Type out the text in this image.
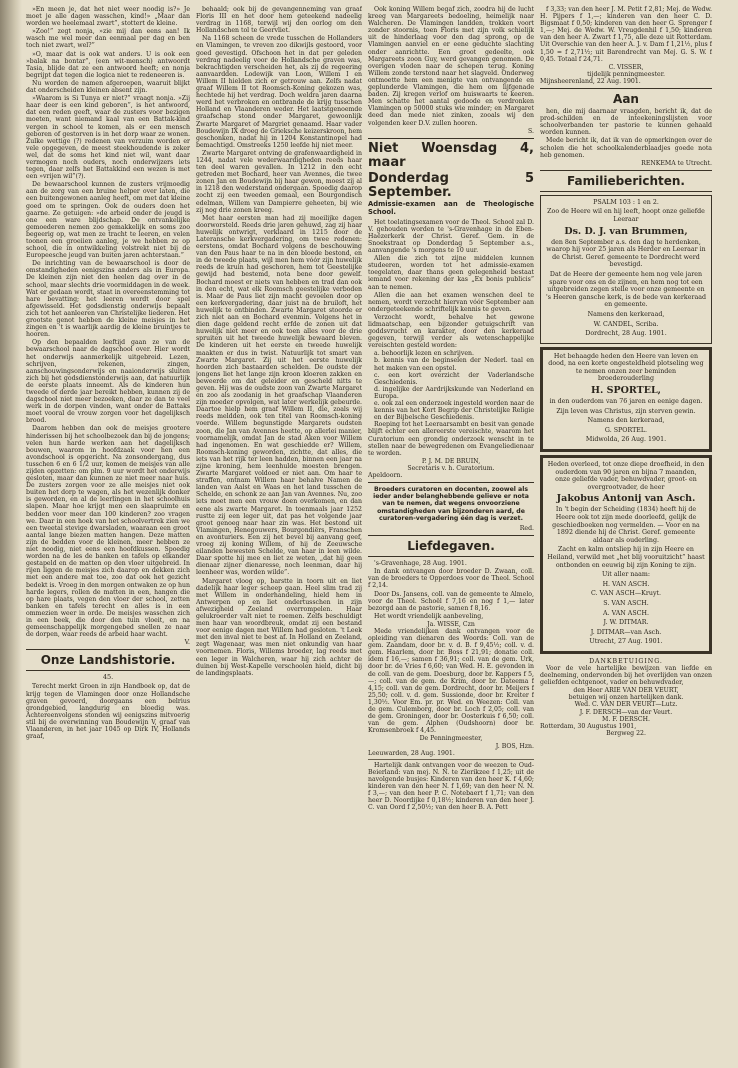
»En meen je, dat het niet weer noodig is?» Je moet je alle dagen wasschen, kind!» „Maar dan worden we heelemaal zwart”, stottert de kleine.

»Zoo!” zegt nonja, »zie mij dan eens aan! Ik wasch me wel meer dan eenmaal per dag en ben toch niet zwart, wel?”

»O, maar dat is ook wat anders. U is ook een »balak na bontar”, (een wit-mensch) antwoordt Tasia, blijde dat ze een antwoord heeft; en nonja begrijpt dat tegen die logica niet te redeneeren is.

Nu worden de namen afgeroepen, waaruit blijkt dat onderscheiden kleinen absent zijn.

»Waarom is Si Tunya er niet?” vraagt nonja. »Zij haar deer is een kind geboren”, is het antwoord, dat een reden geeft, waar de zusters voor bezigen moeten, want niemand kaal van een Battak-kind vergen in school te komen, als er een mensch geboren of gestorven is in het dorp waar ze wonen. Zulke wettige (?) redenen van verzuim worden er vele opgegeven, de meest steekhoudende is zeker wel, dat de soms het kind niet wil, want daar vermogen noch ouders, noch onderwijzers iets tegen, daar zelfs het Battakkind een wezen is met een »vrijen wil”(?).

De bewaarschool kunnen de zusters vrijmoedig aan de zorg van een bruine helper over laten, die een buitengewonen aanleg heeft, om met dat kleine goed om te springen. Ook de ouders doen het gaarne. Ze getuigen: »de arbeid onder de jeugd is one een ware blijdschap. De ontvankelijke gemoederen nemen zoo gemakkelijk en soms zoo begeerig op, wat men ze tracht te leeren, en velen toonen een groeiien aanleg, je we hebben ze op school, die in ontwikkeling volstrekt niet bij de Europeesche jeugd van buiten jaren achterstaan.”

De inrichting van de bewaarschool is door de omstandigheden eenigszins anders als in Europa. De kleinen zijn niet den heelen dag over in de school, maar slechts drie voormiddagen in de week. Wat er gedaan wordt, staat in overeenstemming tot hare bevatting; het leeren wordt door spel afgewisseld. Het godsdienstig onderwijs bepaalt zich tot het aanleeren van Christelijke liederen. Het grootste genot hebben de kleine meisjes in het zingen en 't is waarlijk aardig de kleine bruintjes te hooren.

Op den bepaalden leeftijd gaan ze van de bewaarschool naar de dagschool over. Hier wordt het onderwijs aanmerkelijk uitgebreid. Lezen, schrijven, rekenen, zingen, aanschouwingsonderwijs en naaionderwijs sluiten zich bij het godsdienstonderwijs aan, dat natuurlijk de eerste plaats inneemt. Als de kinderen hun tweede of derde jaar bereikt hebben, kunnen zij de dagschool niet meer bezoeken, daar ze dan te veel werk in de dorpen vinden, want onder de Battaks moet vooral de vrouw zorgen voor het dagelijksch brood.

Daarom hebben dan ook de meisjes grootere hinderissen bij het schoolbezoek dan bij de jongens; velen hun harde werken aan het dagelijksch bouwen, waarom in hoofdzaak voor hen een avondschool is opgericht. Na zonsondergang, dus tusschen 6 en 6 1/2 uur, komen de meisjes van alle zijden opzetten: om plm. 9 uur wordt het onderwijs gesloten, maar dan kunnen ze niet meer naar huis. De zusters zorgen voor ze alle meisjes niet ook buiten het dorp te wagen, als het wezenlijk donker is geworden, en al de leerlingen in het schoolhuis slapen. Maar hoe krijgt men een slaapruimte en bedden voor meer dan 100 kinderen? zoo vragen we. Daar in een hoek van het schoolvertrek zien we een tweetal stevige dwarsladen, waaraan een groot aantal lange biezen matten hangen. Deze matten zijn de bedden voor de kleinen, meer hebben ze niet noodig, niet eens een hoofdkussen. Spoedig worden na de les de banken en tafels op elkander gestapeld en de matten op den vloer uitgebreid. In rijen liggen de meisjes zich daarop en dekken zich met een andere mat toe, zoo dat ook het gezicht bedekt is. Vroeg in den morgen ontwaken ze op hun harde legers, rollen de matten in een, hangen die op hare plaats, vegen den vloer der school, zetten banken en tafels terecht en alles is in een ommezien weer in orde. De meisjes wasschen zich in een beek, die door den tuin vloeit, en na gemeenschappelijk morgengebed snellen ze naar de dorpen, waar reeds de arbeid haar wacht.

V.
Onze Landshistorie.
45.

Terecht merkt Groen in zijn Handboek op, dat de krijg tegen de Vlamingen door onze Hollandsche graven gevoerd, doorgaans een belrius grondgebied, langdurig en bloedig was. Achtereenvolgens stonden wij eenigszins mitvoerig stil bij de overwinning van Boudewijn V, graaf van Vlaanderen, in het jaar 1045 op Dirk IV, Hollands graaf,

behaald; ook bij de gevangenneming van graaf Floris III en het door hem geteekend nadeelig verdrag in 1168, terwijl wij den oorlog om den Hollandschen tol te Geervliet.

Na 1168 scheen de vrede tusschen de Hollanders en Vlamingen, te vreven zoo dikwijls gestoord, voor goed gevestigd. Ofschoon het in dat per geleden verdrag nadeelig voor de Hollandsche graven was, bekrachtigden verscheiden het, als zij de regeering aanvaardden. Lodewijk van Loon, Willem I en Willem II hielden zich er getrouw aan. Zelfs nadat graaf Willem II tot Roomsch-Koning gekozen was, hechtede hij het verdrag. Doch weldra jaren daarna werd het verbroken en ontbrande de krijg tusschen Holland en Vlaanderen weder. Het laatstgenoemde graafschap stond onder Margaret, gewoonlijk Zwarte Margaret of Margriet genaamd. Haar vader Boudewijn IX droeg de Grieksche keizerskroon, hem geschonken, nadat hij in 1204 Konstantinopel had bemachtigd. Omstreeks 1250 leefde hij niet meer.

Zwarte Margaret ontving de grafenwaardigheid in 1244, nadat vele wederwaardigheden reeds haar ten deel waren gevallen. In 1212 in den echt getreden met Bochard, heer van Avennes, die twee zonen Jan en Boudewijn bij haar gewon, moest zij al in 1218 den wederstand ondergaan. Spoedig daarop zocht zij een tweeden gemaal, een Bourgondisch edelman, Willem van Dampierre geheeten, bij wie zij nog drie zonen kreeg.

Met haar eersten man had zij moeilijke dagen doorworsteld. Reeds drie jaren gehuwd, zag zij haar huwelijk ontwrigt, verklaard in 1215 door de Lateransche kerkvergadering, om twee redenen: eerstens, omdat Bochard volgens de beschouwing van den Paus haar te na in den bloede bestond, en in de tweede plaats, wijl men hem vóór zijn huwelijk reeds de kruin had geschoren, hem tot Geestelijke gewijd had bestemd, nota bene door gewelf. Bochard moest er niets van hebben en trad dan ook in den echt, wat elk Roomsch geestelijke verboden is. Maar de Paus liet zijn macht gevoelen door op een kerkvergadering, daar juist na de bruiloft, het huwelijk te ontbinden. Zwarte Margaret stoorde er zich niet aan en Bochard evenmin. Volgens het in dien dage geldend recht erfde de zonen uit dat huwelijk niet meer en ook toen alles voor de drie spruiten uit het tweede huwelijk bewaard bleven. De kinderen uit het eerste en tweede huwelijk maakten er dus in twist. Natuurlijk tot smart van Zwarte Margaret. Zij uit het eerste huwelijk hoorden zich bastaarden schelden. De oudste der jongens liet het lange zijn kroon kloeren zakken en beweerde om dat geleider en gescheld nitts te geven. Hij was de oudste zoon van Zwarte Margaret en zoo als zoodanig in het graafschap Vlaanderen zijn moeder opvolgen, wat later werkelijk gebeurde. Daartoe hielp hem graaf Willem II, die, zoals wij reeds meldden, ook ten titel van Roomsch-koning voerde. Willem begunstigde Margarets oudsten zoon, die Jan van Avennes heette, op allerlei manier, voornamelijk, omdat Jan de stad Aken voor Willem had ingenomen. En wat geschiedde er? Willem, Roomsch-koning geworden, zichtte, dat alles, die iets van het rijk ter leen hadden, binnen een jaar na zijne kroning, hem leenhulde moesten brengen. Zwarte Margaret voldoed er niet aan. Om haar te straffen, ontnam Willem haar behalve Namen de landen van Aalst en Waas en het land tusschen de Schelde, en schonk ze aan Jan van Avennes. Nu, zoo iets moet men een vrouw doen overkomen, en dan eene als zwarte Margaret. In toenmaals jaar 1252 rustte zij een leger uit, dat pas het volgende jaar groot genoeg naar haar zin was. Het bestond uit Vlamingen, Henegouwers, Bourgondiërs, Franschen en avonturiers. Een zij het bevel bij aanvang geef, vroeg zij koning Willem, of hij de Zeeuwsche eilanden bewesten Schelde, van haar in leen wilde. Daar spotte hij mee en liet ze weten, „dat hij geen dienaar zijner dienaresse, noch leenman, daar hij leenheer was, worden wilde”.

Margaret vloog op, barstte in toorn uit en liet dadelijk haar leger scheep gaan. Heel slim trad zij met Willem in onderhandeling, hield hem in Antwerpen op en liet ondertusschen in zijn afwezigheid Zeeland overrompelen. Haar gelukroerder valt niet te roemen. Zelfs beschuldigt men haar van woordbreuk, omdat zij een bestand voor eenige dagen met Willem had gesloten. 't Leek met den inval niet te best af. In Holland en Zeeland, zegt Wagenaar, was men niet onkundig van haar voornemen. Floris, Willems broeder, lag reeds met een leger in Walcheren, waar hij zich achter de duinen bij West-Kapelle verschoolen hield, dicht bij de landingsplaats.

Ook koning Willem begaf zich, zoodra hij de lucht kreeg van Margareets bedoeling, heimelijk naar Walcheren. De Vlamingen landden, trokken voort zonder stoornis, toen Floris met zijn volk schielijk uit de hinderlaag voor den dag sprong, op de Vlamingen aanviel en er eene geduchte slachting onder aanrichtte. Een groot gedeelte, ook Margareets zoon Guy, werd gevangen genomen. De overigen vloden naar de schepen terug. Koning Willem zonde terstond naar het slagveld. Onderweg ontmoette hem een menigte van ontvangende en geplunderde Vlamingen, die hem om lijfgenade baden. Zij kregen verlof om huiswaarts te keeren. Men schatte het aantal gedoode en verdronken Vlamingen op 50000 stuks wie minder; en Margaret deed dan mede niet zinken, zooals wij den volgenden keer D.V. zullen hooren.

S.
Niet Woensdag 4, maar
Donderdag 5 September.
Admissie-examen aan de Theologische School.

Het toelatingsexamen voor de Theol. School zal D. V. gehouden worden te 's-Gravenhage in de Eben-Haëzerkerk der Christ. Geref. Gem. in de Snoekstraat op Donderdag 5 September a.s., aanvangende 's morgens te 10 uur.

Allen die zich tot zijne middelen kunnen studeeren, worden tot het admissie-examen toegelaten, daar thans geen gelegenheid bestaat iemand voor rekening der kas „Ex bonis publicis” aan te nemen.

Allen die aan het examen wenschen deel te nemen, wordt verzocht hiervan vóór September aan ondergeteekende schriftelijk kennis te geven.

Verzocht wordt, behalve het gewone lidmaatschap, een bijzonder getuigschrift van goddsvrucht en karakter, door den kerkeraad gegeven, terwijl verder als wetenschappelijke vereischten gesteld worden:

a. behoorlijk lezen en schrijven.
b. kennis van de beginselen der Nederl. taal en het maken van een opstel.
c. een kort overzicht der Vaderlandsche Geschiedenis.
d. ingelijke der Aardrijkskunde van Nederland en Europa.
e. ook zal een onderzoek ingesteld worden naar de kennis van het Kort Begrip der Christelijke Religie en der Bijbelsche Geschiedenis.

Roeping tot het Leeraarsambt en besit van genade blijft echter een allereerste vereischte, waarom het Curatorium een grondig onderzoek wenscht in te stellen naar de bewegredenen om Evangeliedienaar te worden.

P. J. M. DE BRUIN,
Secretaris v. h. Curatorium.
Apeldoorn.
Broeders curatoren en docenten, zoowel als ieder ander belanghebbende gelieve er nota van te nemen, dat wegens onvoorziene omstandigheden van bijzonderen aard, de curatoren-vergadering één dag is verzet.
Red.
Liefdegaven.

's-Gravenhage, 28 Aug. 1901.

In dank ontvangen door broeder D. Zwaan, coll. van de broeders te Opperdoes voor de Theol. School f 2,14.

Door Ds. Jansens, coll. van de gemeente te Almelo, voor de Theol. Schoël f 7,16 en nog f 1,— later bezorgd aan de pastorie, samen f 8,16.

Het wordt vriendelijk aanbeveling,

Ja. WISSE, Czn

Mede vriendelijken dank ontvangen voor de opleiding van dienaren des Woords: Coll. van de gem. Zaandam, door br. v. d. B. f 9,45½; coll. v. d. gem. Haarlem, door br. Boss f 21,91; donatie coll. idem f 16,—; samen f 36,91; coll. van de gem. Urk, door br. de Vries f 6,60; van Wed. H. E. gevonden in de coll. van de gem. Doesburg, door br. Kappers f 5,—; coll. van de gem. de Krim, door br. Dateema f 4,15; coll. van de gem. Dordrecht, door br. Meijers f 25,50; coll. v. d. gem. Sussionde, door br. Kreiter f 1,30½. Voor Em. pr. pr. Wed. en Weezen: Coll. van de gem. Culemborg, door br. Loch f 2,05; coll. van de gem. Groningen, door br. Oosterkuis f 6,50; coll. van de gem. Alphen (Oudshoorn) door br. Kromsenbroek f 4,45.

De Penningmeester,
J. BOS, Hzn.
Leeuwarden, 28 Aug. 1901.

Hartelijk dank ontvangen voor de weezen te Oud-Beierland: van mej. N. N. te Zierikzee f 1,25; uit de navolgende busjes: Kinderen van den heer K. f 4,60; kinderen van den heer N. f 1,69; van den heer N. N. f 3,—; van den heer P. C. Notebaert f 1,71; van den heer D. Noordijke f 0,18½; kinderen van den heer J. C. van Oord f 2,50½; van den heer B. A. Pett

f 3,33; van den heer J. M. Petit f 2,81; Mej. de Wedw. H. Pijpers f 1,—; kinderen van den heer C. D. Bigsmaat f 0,50; kinderen van den heer G. Sprenger f 1,—; Mej. de Wedw. W. Vreugdenhil f 1,50; kinderen van den heer A. Zwart f 1,75, alle deze uit Rotterdam. Uit Overschie van den heer A. J. v. Dam f 1,21½, plus f 1,50 = f 2,71½; uit Barendrecht van Mej. G. S. W. f 0,45. Totaal f 24,71.

C. VISSER,
tijdelijk penningmeester.
Mijnsheerenland, 22 Aug. 1901.
Aan

hen, die mij daarnaar vraagden, bericht ik, dat de prod-schilden en de inteekeningslijsten voor schoolverbanden ter pastorie te kunnen gehaald worden kunnen.

Mede bericht ik, dat ik van de opmerkingen over de scholen die het schoolkalenderblaadjes goede nota heb genomen.

RENKEMA te Utrecht.
Familieberichten.

PSALM 103 : 1 en 2.

Zoo de Heere wil en hij leeft, hoopt onze geliefde Leeraar

Ds. D. J. van Brummen,

den 8en September a.s. den dag te herdenken, waarop hij voor 25 jaren als Herder en Leeraar in de Christ. Geref. gemeente te Dordrecht werd bevestigd.

Dat de Heere der gemeente hem nog vele jaren spare voor ons en de zijnen, en hem nog tot een uitgebreiden zegen stelle voor onze gemeente en 's Heeren gansche kerk, is de bede van kerkeraad en gemeente.

Namens den kerkeraad,

W. CANDEL, Scriba.

Dordrecht, 28 Aug. 1901.

Het behaagde heden den Heere van leven en dood, na een korte ongesteldheid plotseling weg te nemen onzen zeer beminden broederouderling

H. SPORTEL,

in den ouderdom van 76 jaren en eenige dagen.

Zijn leven was Christus, zijn sterven gewin.

Namens den kerkeraad,

G. SPORTEL.

Midwolda, 26 Aug. 1901.

Heden overleed, tot onze diepe droefheid, in den ouderdom van 90 jaren en bijna 7 maanden, onze geliefde vader, behuwdvader, groot- en overgrootvader, de heer

Jakobus Antonij van Asch.

In 't begin der Scheiding (1834) heeft hij de Heere ook tot zijn mede doorleefd, gelijk de geschiedboeken nog vermelden. — Voor en na 1892 diende hij de Christ. Geref. gemeente aldaar als ouderling.

Zacht en kalm ontsliep hij in zijn Heere en Heiland, verwild met „het blij vooruitzicht” haast ontbonden en eeuwig bij zijn Koning te zijn.

Uit aller naam:

H. VAN ASCH.

C. VAN ASCH—Kruyt.

S. VAN ASCH.

A. VAN ASCH.

J. W. DITMAR.

J. DITMAR—van Asch.

Utrecht, 27 Aug. 1901.

DANKBETUIGING.

Voor de vele hartelijke bewijzen van liefde en deelneming, ondervonden bij het overlijden van onzen geliefden echtgenoot, vader en behuwdvader,

den Heer ARIE VAN DER VEURT,
betuigen wij onzen hartelijken dank.
Wed. C. VAN DER VEURT—Lutz.
J. F. DERSCH—van der Veurt.
M. F. DERSCH.
Rotterdam, 30 Augustus 1901,
Bergweg 22.
